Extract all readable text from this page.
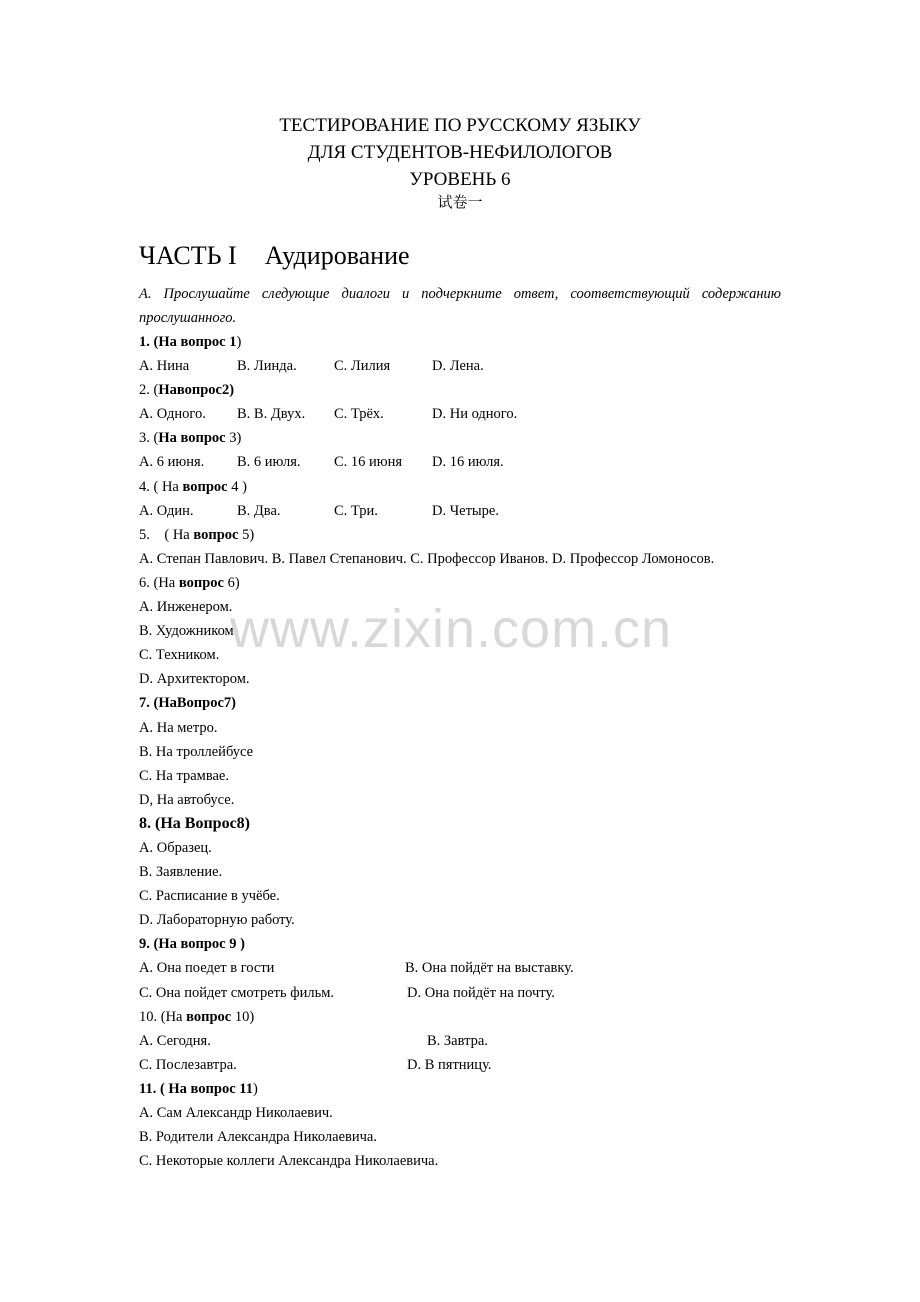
ТЕСТИРОВАНИЕ ПО РУССКОМУ ЯЗЫКУ
ДЛЯ СТУДЕНТОВ-НЕФИЛОЛОГОВ
УРОВЕНЬ 6
试卷一
ЧАСТЬ I Аудирование
A. Прослушайте следующие диалоги и подчеркните ответ, соответствующий содержанию прослушанного.
1. (На вопрос 1)
A. Нина	B. Линда.	C. Лилия	D. Лена.
2. (Навопрос2)
A. Одного. B. В. Двух. C. Трёх.	D. Ни одного.
3. (На вопрос 3)
A. 6 июня. B. 6 июля. C. 16 июня D. 16 июля.
4. ( На вопрос 4 )
A. Один.	B. Два.	C. Три.	D. Четыре.
5.    ( На вопрос 5)
A. Степан Павлович. B. Павел Степанович. C. Профессор Иванов. D. Профессор Ломоносов.
6. (На вопрос 6)
A. Инженером.
B. Художником.
C. Техником.
D. Архитектором.
7. (НаВопрос7)
A. На метро.
B. На троллейбусе
C. На трамвае.
D, На автобусе.
8. (На Вопрос8)
A. Образец.
B. Заявление.
C. Расписание в учёбе.
D. Лабораторную работу.
9. (На вопрос 9 )
A. Она поедет в гости	B. Она пойдёт на выставку.
C. Она пойдет смотреть фильм.	D. Она пойдёт на почту.
10. (На вопрос 10)
A. Сегодня.	B. Завтра.
C. Послезавтра.	D. В пятницу.
11. ( На вопрос 11)
A. Сам Александр Николаевич.
B. Родители Александра Николаевича.
C. Некоторые коллеги Александра Николаевича.
www.zixin.com.cn
